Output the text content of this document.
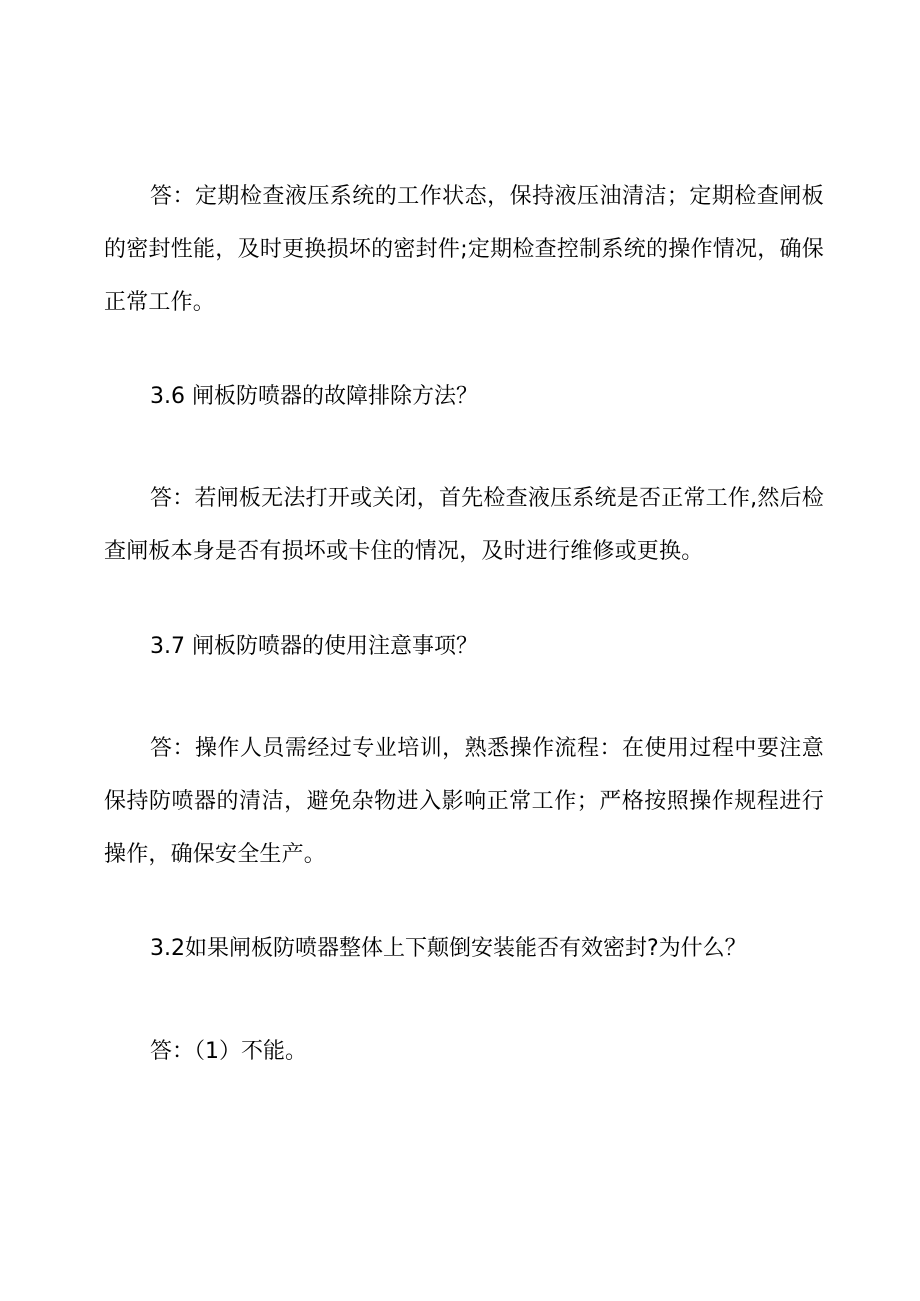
答：定期检查液压系统的工作状态，保持液压油清洁；定期检查闸板的密封性能，及时更换损坏的密封件;定期检查控制系统的操作情况，确保正常工作。

3.6 闸板防喷器的故障排除方法？

答：若闸板无法打开或关闭，首先检查液压系统是否正常工作,然后检查闸板本身是否有损坏或卡住的情况，及时进行维修或更换。

3.7 闸板防喷器的使用注意事项？

答：操作人员需经过专业培训，熟悉操作流程：在使用过程中要注意保持防喷器的清洁，避免杂物进入影响正常工作；严格按照操作规程进行操作，确保安全生产。

3.2如果闸板防喷器整体上下颠倒安装能否有效密封?为什么？

答：（1）不能。
